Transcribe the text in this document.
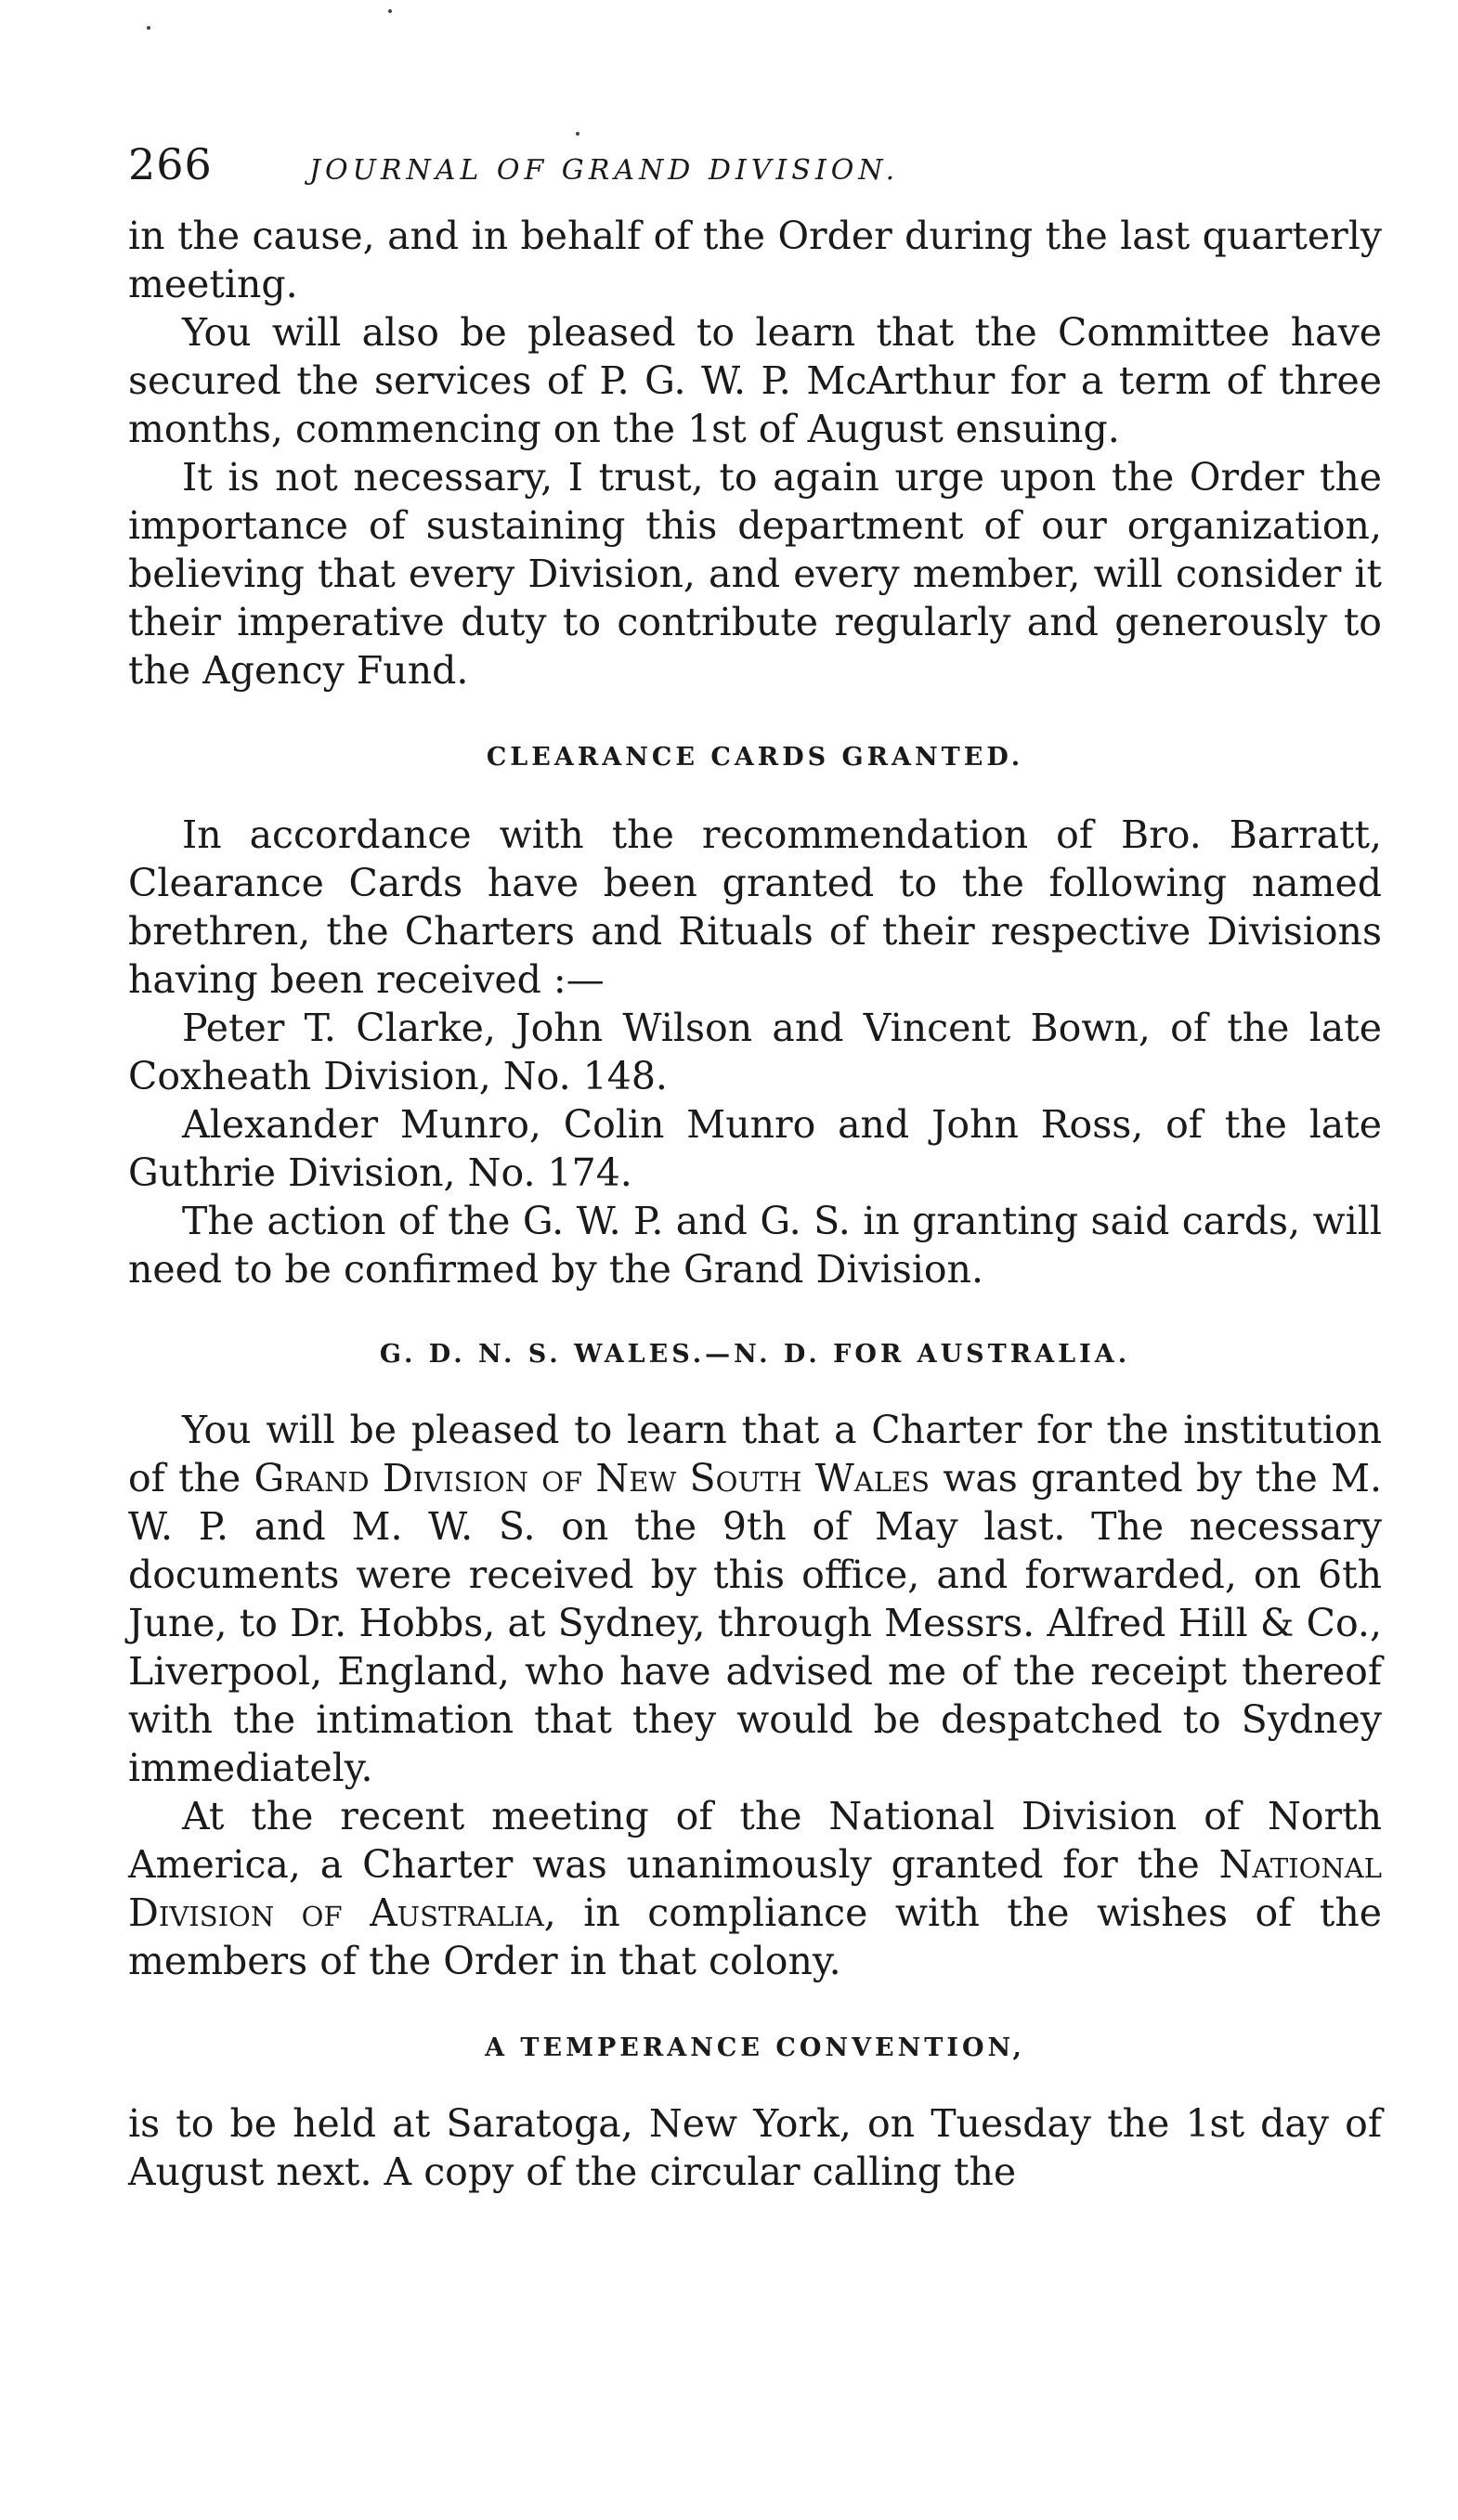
266	JOURNAL OF GRAND DIVISION.

in the cause, and in behalf of the Order during the last quarterly meeting.

You will also be pleased to learn that the Committee have secured the services of P. G. W. P. McArthur for a term of three months, commencing on the 1st of August ensuing.

It is not necessary, I trust, to again urge upon the Order the importance of sustaining this department of our organization, believing that every Division, and every member, will consider it their imperative duty to contribute regularly and generously to the Agency Fund.

CLEARANCE CARDS GRANTED.

In accordance with the recommendation of Bro. Barratt, Clearance Cards have been granted to the following named brethren, the Charters and Rituals of their respective Divisions having been received :—

Peter T. Clarke, John Wilson and Vincent Bown, of the late Coxheath Division, No. 148.

Alexander Munro, Colin Munro and John Ross, of the late Guthrie Division, No. 174.

The action of the G. W. P. and G. S. in granting said cards, will need to be confirmed by the Grand Division.

G. D. N. S. WALES.—N. D. FOR AUSTRALIA.

You will be pleased to learn that a Charter for the institution of the Grand Division of New South Wales was granted by the M. W. P. and M. W. S. on the 9th of May last. The necessary documents were received by this office, and forwarded, on 6th June, to Dr. Hobbs, at Sydney, through Messrs. Alfred Hill & Co., Liverpool, England, who have advised me of the receipt thereof with the intimation that they would be despatched to Sydney immediately.

At the recent meeting of the National Division of North America, a Charter was unanimously granted for the National Division of Australia, in compliance with the wishes of the members of the Order in that colony.

A TEMPERANCE CONVENTION,

is to be held at Saratoga, New York, on Tuesday the 1st day of August next. A copy of the circular calling the
